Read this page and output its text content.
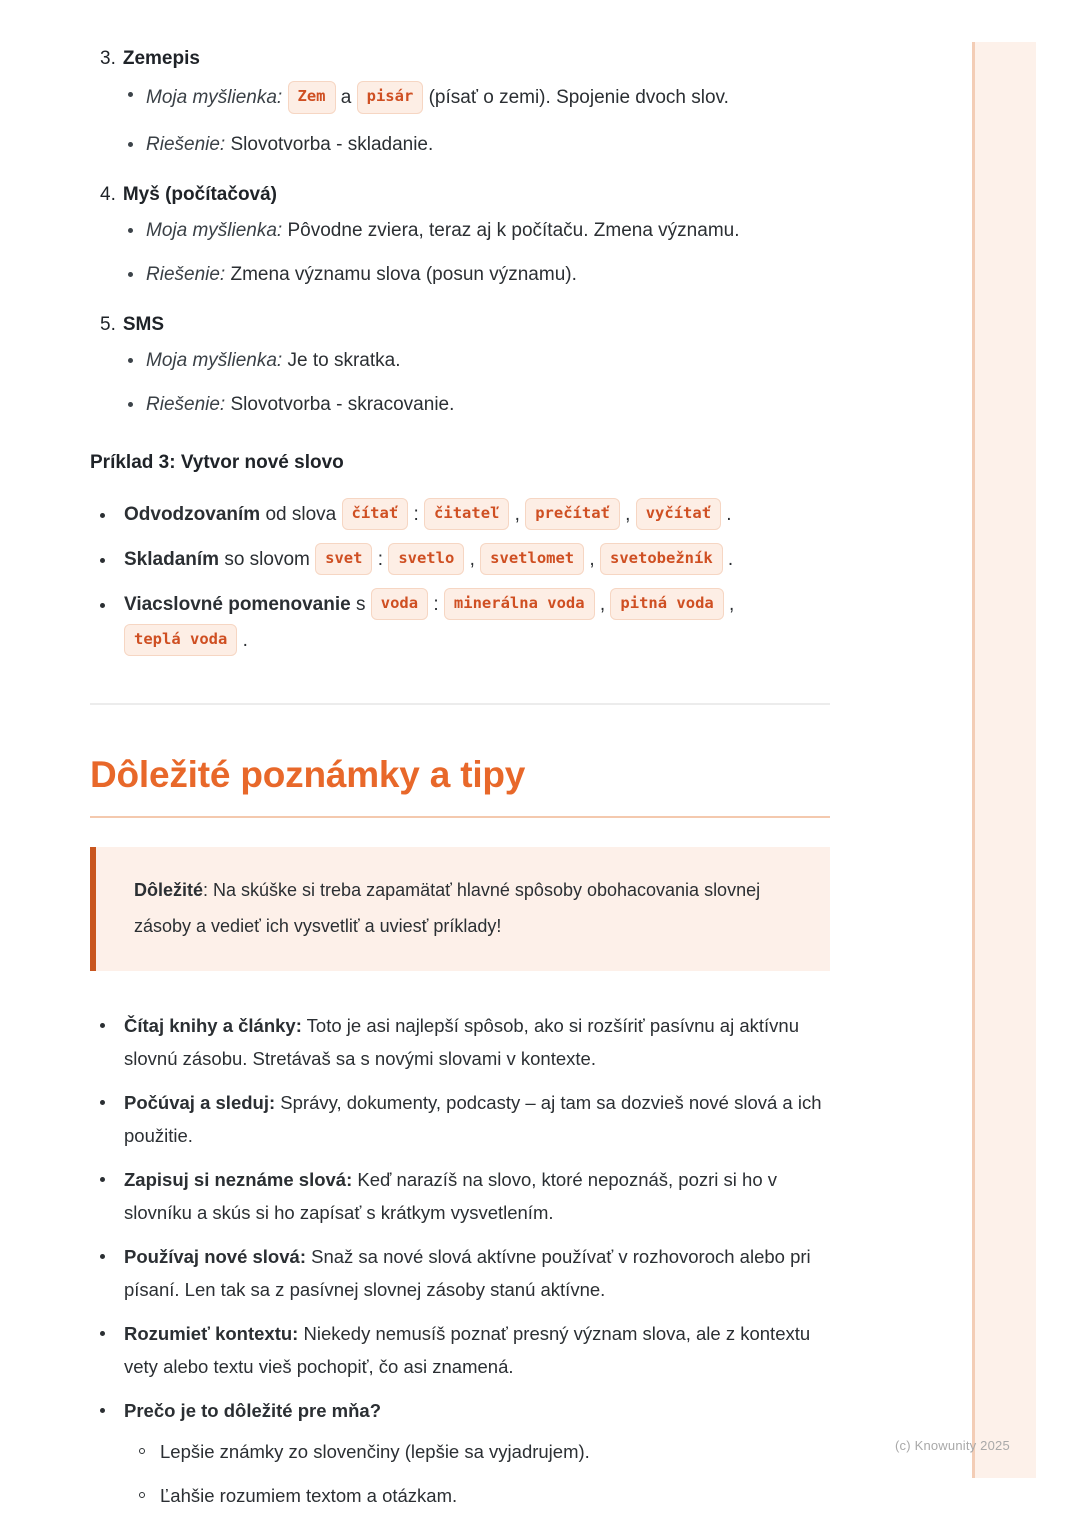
3. Zemepis
Moja myšlienka: Zem a pisár (písať o zemi). Spojenie dvoch slov.
Riešenie: Slovotvorba - skladanie.
4. Myš (počítačová)
Moja myšlienka: Pôvodne zviera, teraz aj k počítaču. Zmena významu.
Riešenie: Zmena významu slova (posun významu).
5. SMS
Moja myšlienka: Je to skratka.
Riešenie: Slovotvorba - skracovanie.
Príklad 3: Vytvor nové slovo
Odvodzovaním od slova čítať : čitateľ , prečítať , vyčítať .
Skladaním so slovom svet : svetlo , svetlomet , svetobežník .
Viacslovné pomenovanie s voda : minerálna voda , pitná voda , teplá voda .
Dôležité poznámky a tipy

Dôležité: Na skúške si treba zapamätať hlavné spôsoby obohacovania slovnej zásoby a vedieť ich vysvetliť a uviesť príklady!

Čítaj knihy a články: Toto je asi najlepší spôsob, ako si rozšíriť pasívnu aj aktívnu slovnú zásobu. Stretávaš sa s novými slovami v kontexte.
Počúvaj a sleduj: Správy, dokumenty, podcasty – aj tam sa dozvieš nové slová a ich použitie.
Zapisuj si neznáme slová: Keď narazíš na slovo, ktoré nepoznáš, pozri si ho v slovníku a skús si ho zapísať s krátkym vysvetlením.
Používaj nové slová: Snaž sa nové slová aktívne používať v rozhovoroch alebo pri písaní. Len tak sa z pasívnej slovnej zásoby stanú aktívne.
Rozumieť kontextu: Niekedy nemusíš poznať presný význam slova, ale z kontextu vety alebo textu vieš pochopiť, čo asi znamená.
Prečo je to dôležité pre mňa?
Lepšie známky zo slovenčiny (lepšie sa vyjadrujem).
Ľahšie rozumiem textom a otázkam.
(c) Knowunity 2025
